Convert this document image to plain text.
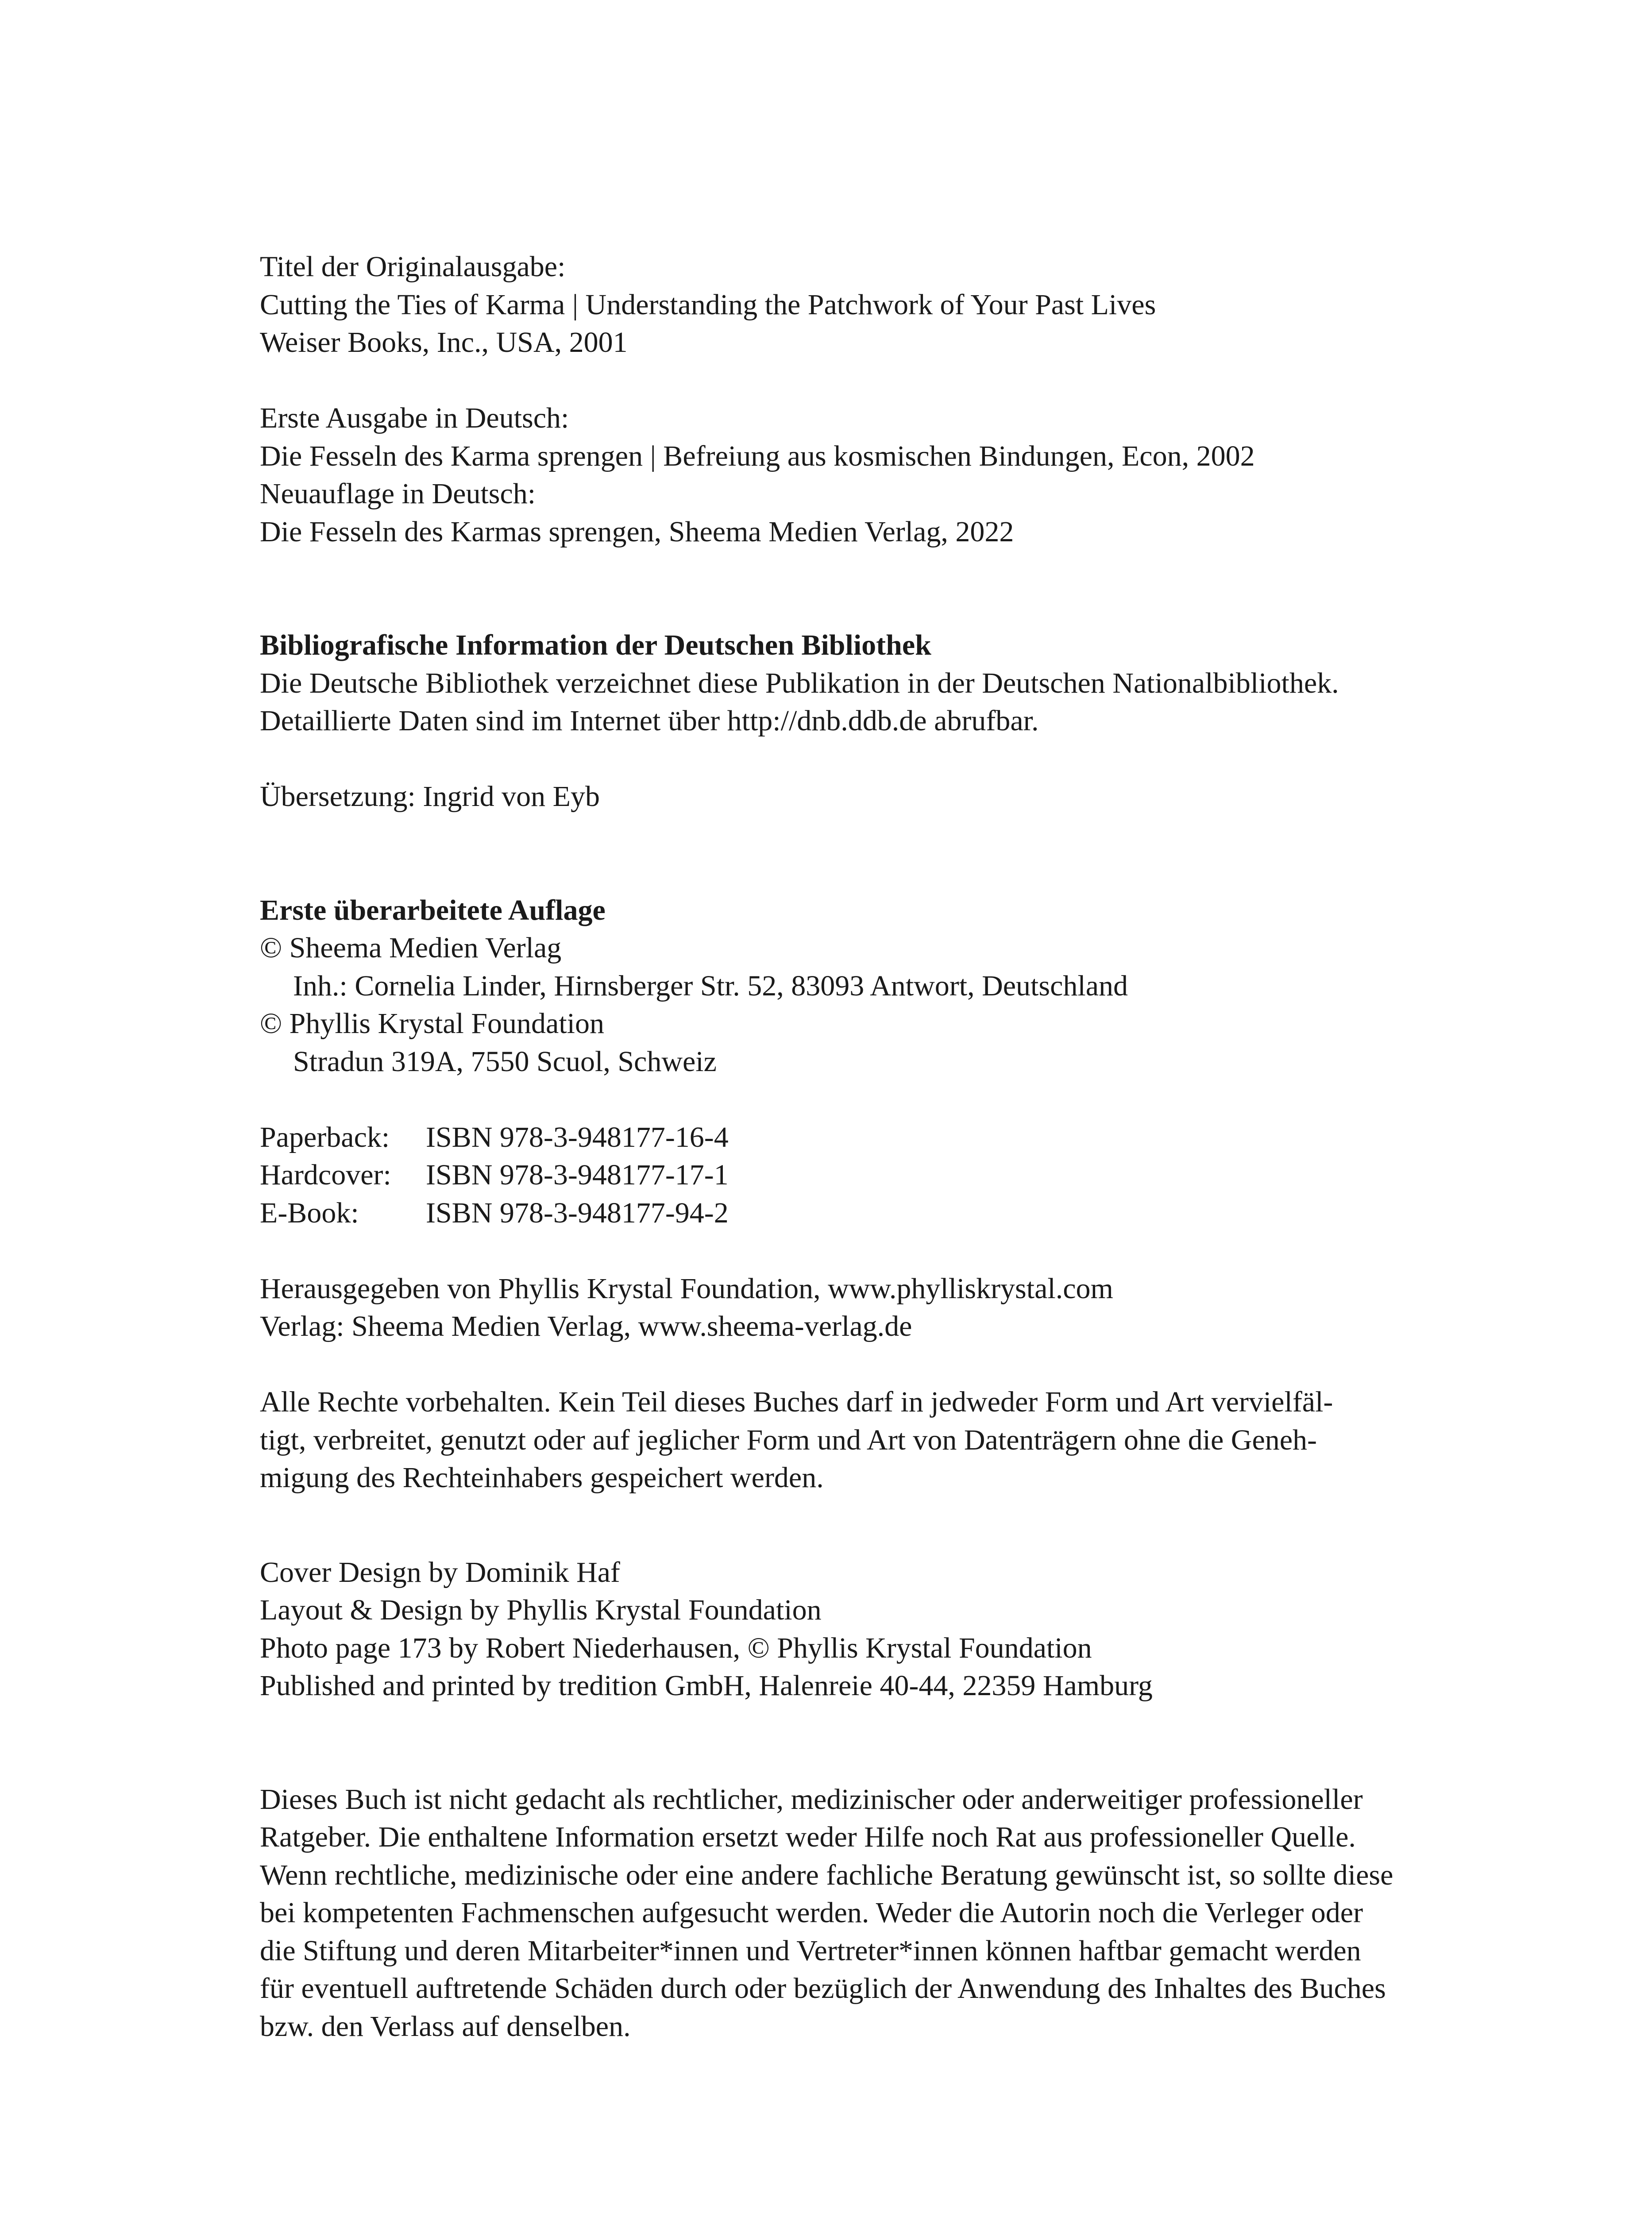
Titel der Originalausgabe:

Cutting the Ties of Karma | Understanding the Patchwork of Your Past Lives

Weiser Books, Inc., USA, 2001

Erste Ausgabe in Deutsch:

Die Fesseln des Karma sprengen | Befreiung aus kosmischen Bindungen, Econ, 2002

Neuauflage in Deutsch:

Die Fesseln des Karmas sprengen, Sheema Medien Verlag, 2022

Bibliografische Information der Deutschen Bibliothek

Die Deutsche Bibliothek verzeichnet diese Publikation in der Deutschen Nationalbibliothek.

Detaillierte Daten sind im Internet über http://dnb.ddb.de abrufbar.

Übersetzung: Ingrid von Eyb

Erste überarbeitete Auflage

© Sheema Medien Verlag

Inh.: Cornelia Linder, Hirnsberger Str. 52, 83093 Antwort, Deutschland

© Phyllis Krystal Foundation

Stradun 319A, 7550 Scuol, Schweiz

Paperback:	ISBN 978-3-948177-16-4
Hardcover:	ISBN 978-3-948177-17-1
E-Book:	ISBN 978-3-948177-94-2

Herausgegeben von Phyllis Krystal Foundation, www.phylliskrystal.com

Verlag: Sheema Medien Verlag, www.sheema-verlag.de

Alle Rechte vorbehalten. Kein Teil dieses Buches darf in jedweder Form und Art vervielfäl-

tigt, verbreitet, genutzt oder auf jeglicher Form und Art von Datenträgern ohne die Geneh-

migung des Rechteinhabers gespeichert werden.

Cover Design by Dominik Haf

Layout & Design by Phyllis Krystal Foundation

Photo page 173 by Robert Niederhausen, © Phyllis Krystal Foundation

Published and printed by tredition GmbH, Halenreie 40-44, 22359 Hamburg

Dieses Buch ist nicht gedacht als rechtlicher, medizinischer oder anderweitiger professioneller

Ratgeber. Die enthaltene Information ersetzt weder Hilfe noch Rat aus professioneller Quelle.

Wenn rechtliche, medizinische oder eine andere fachliche Beratung gewünscht ist, so sollte diese

bei kompetenten Fachmenschen aufgesucht werden. Weder die Autorin noch die Verleger oder

die Stiftung und deren Mitarbeiter*innen und Vertreter*innen können haftbar gemacht werden

für eventuell auftretende Schäden durch oder bezüglich der Anwendung des Inhaltes des Buches

bzw. den Verlass auf denselben.
